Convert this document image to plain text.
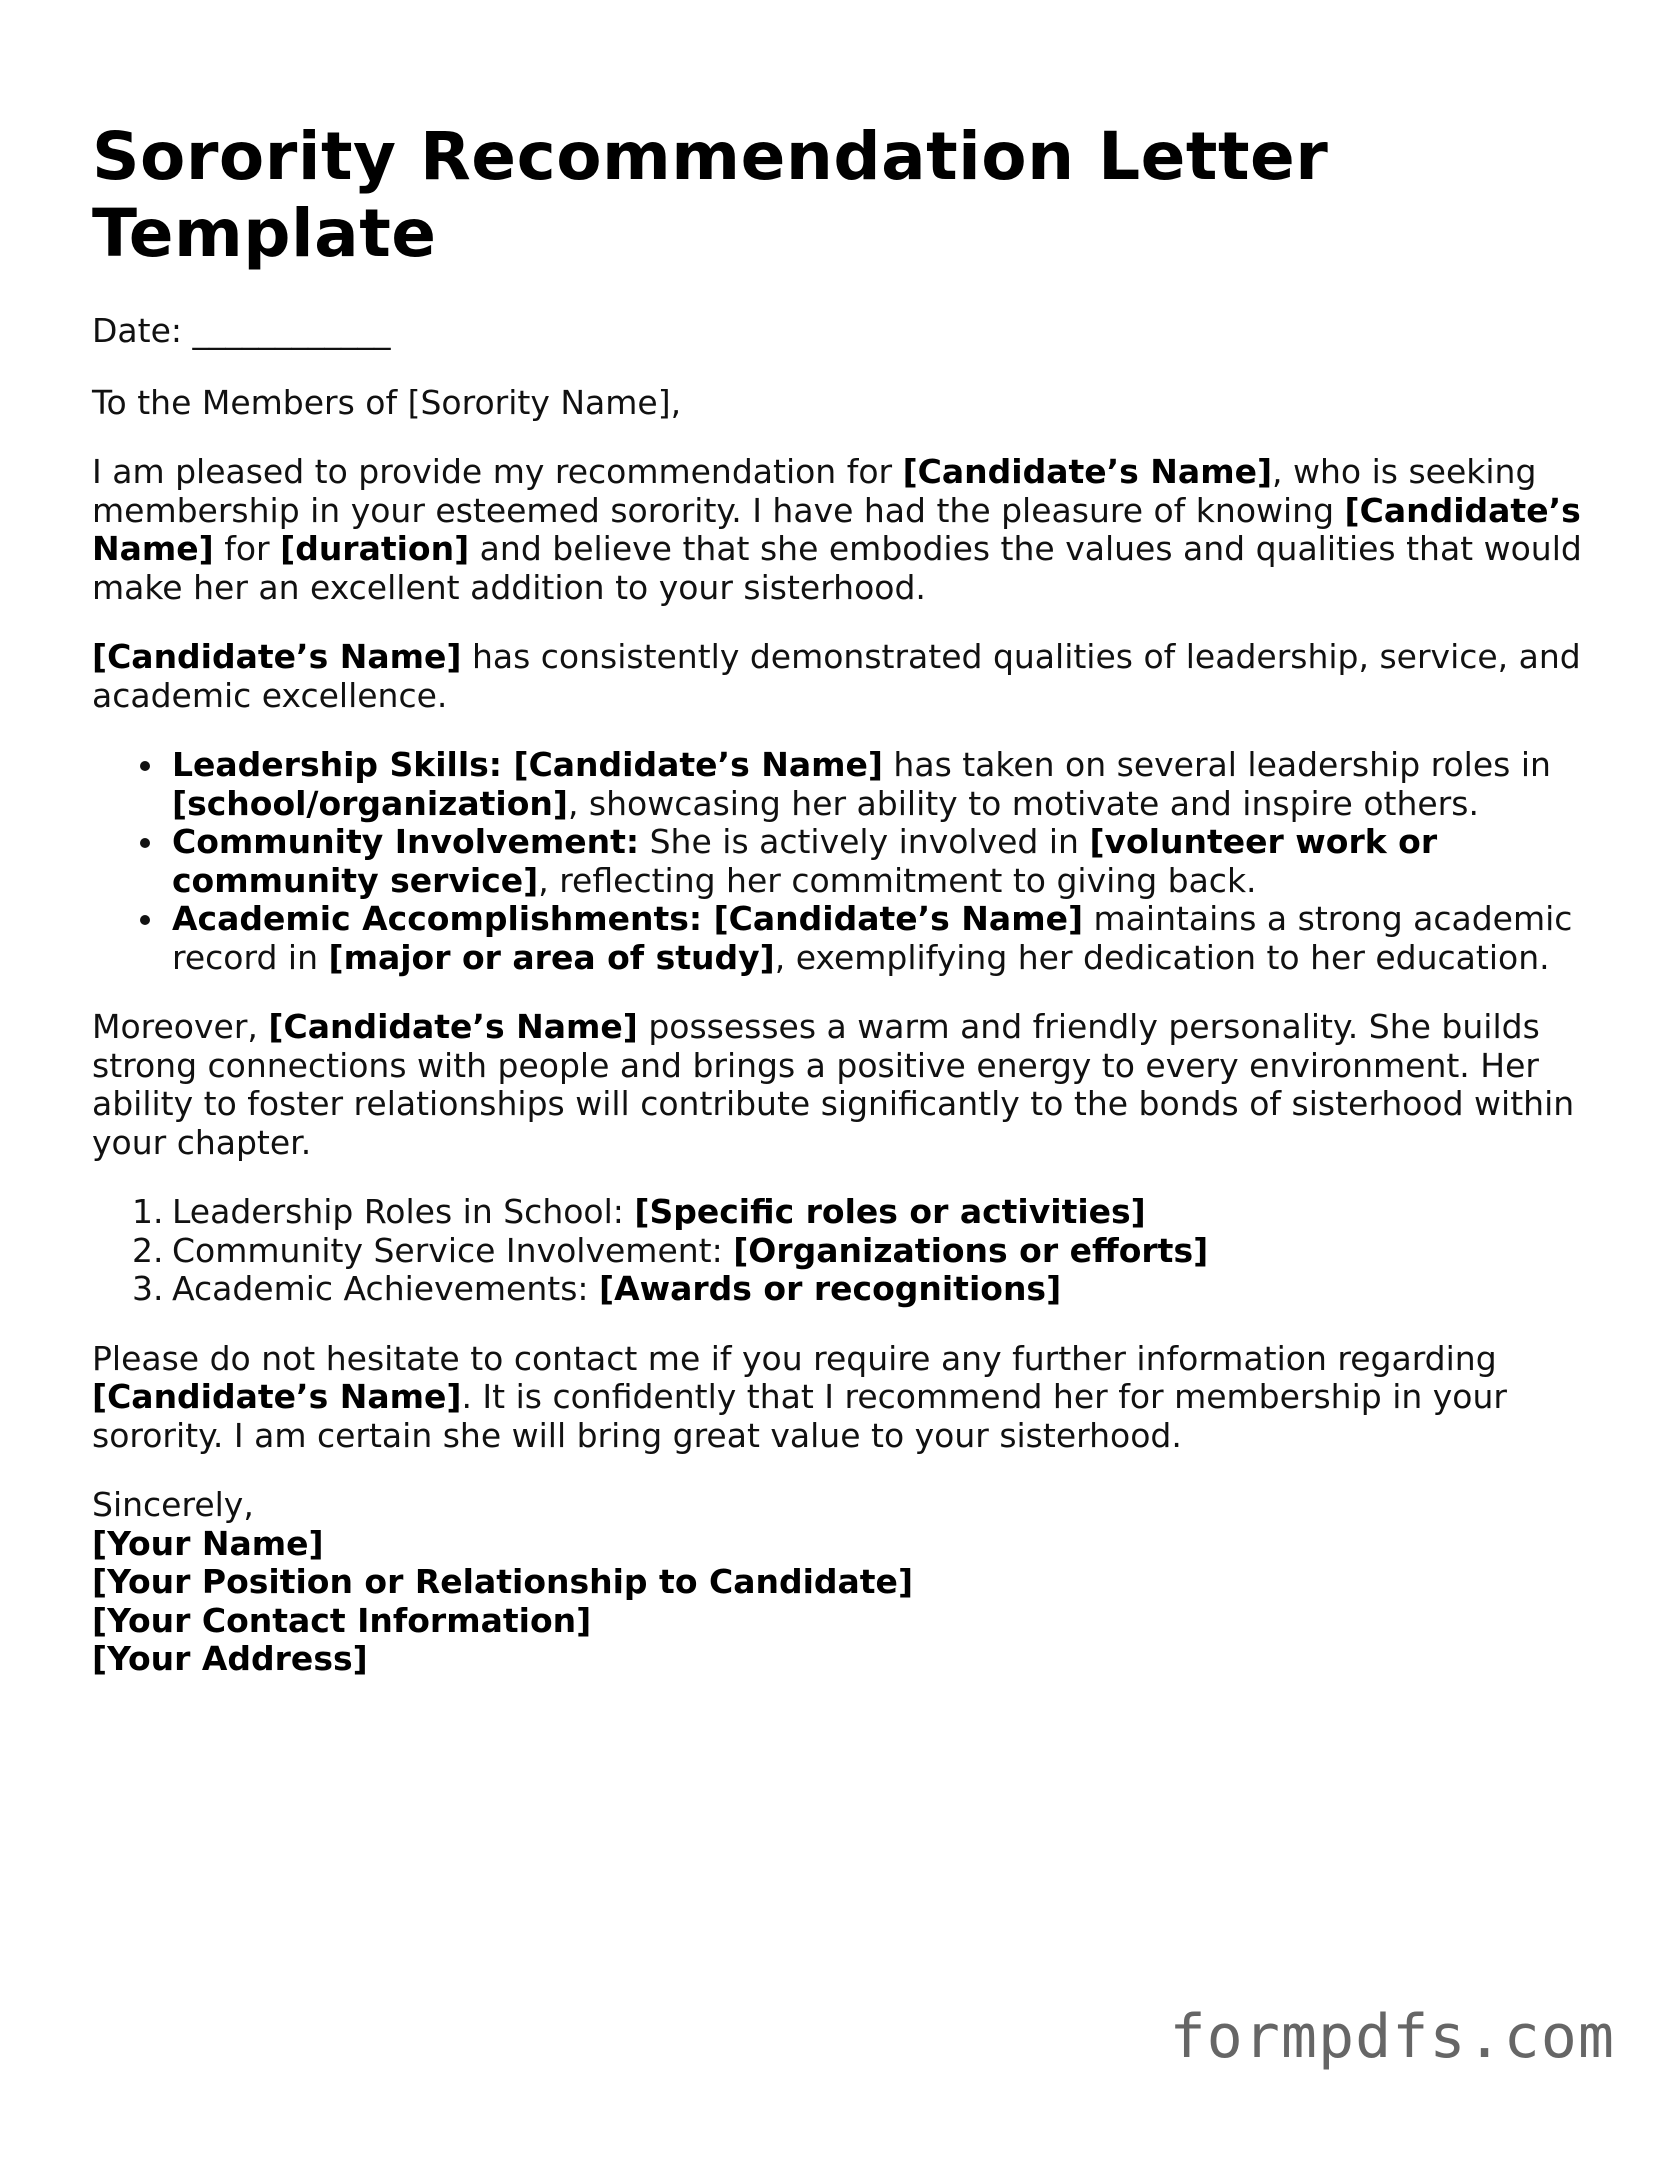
Sorority Recommendation Letter Template

Date: ____________

To the Members of [Sorority Name],

I am pleased to provide my recommendation for [Candidate’s Name], who is seeking membership in your esteemed sorority. I have had the pleasure of knowing [Candidate’s Name] for [duration] and believe that she embodies the values and qualities that would make her an excellent addition to your sisterhood.

[Candidate’s Name] has consistently demonstrated qualities of leadership, service, and academic excellence.

Leadership Skills: [Candidate’s Name] has taken on several leadership roles in [school/organization], showcasing her ability to motivate and inspire others.
Community Involvement: She is actively involved in [volunteer work or community service], reflecting her commitment to giving back.
Academic Accomplishments: [Candidate’s Name] maintains a strong academic record in [major or area of study], exemplifying her dedication to her education.

Moreover, [Candidate’s Name] possesses a warm and friendly personality. She builds strong connections with people and brings a positive energy to every environment. Her ability to foster relationships will contribute significantly to the bonds of sisterhood within your chapter.

1. Leadership Roles in School: [Specific roles or activities]
2. Community Service Involvement: [Organizations or efforts]
3. Academic Achievements: [Awards or recognitions]

Please do not hesitate to contact me if you require any further information regarding [Candidate’s Name]. It is confidently that I recommend her for membership in your sorority. I am certain she will bring great value to your sisterhood.

Sincerely,

[Your Name]

[Your Position or Relationship to Candidate]

[Your Contact Information]

[Your Address]

formpdfs.com
